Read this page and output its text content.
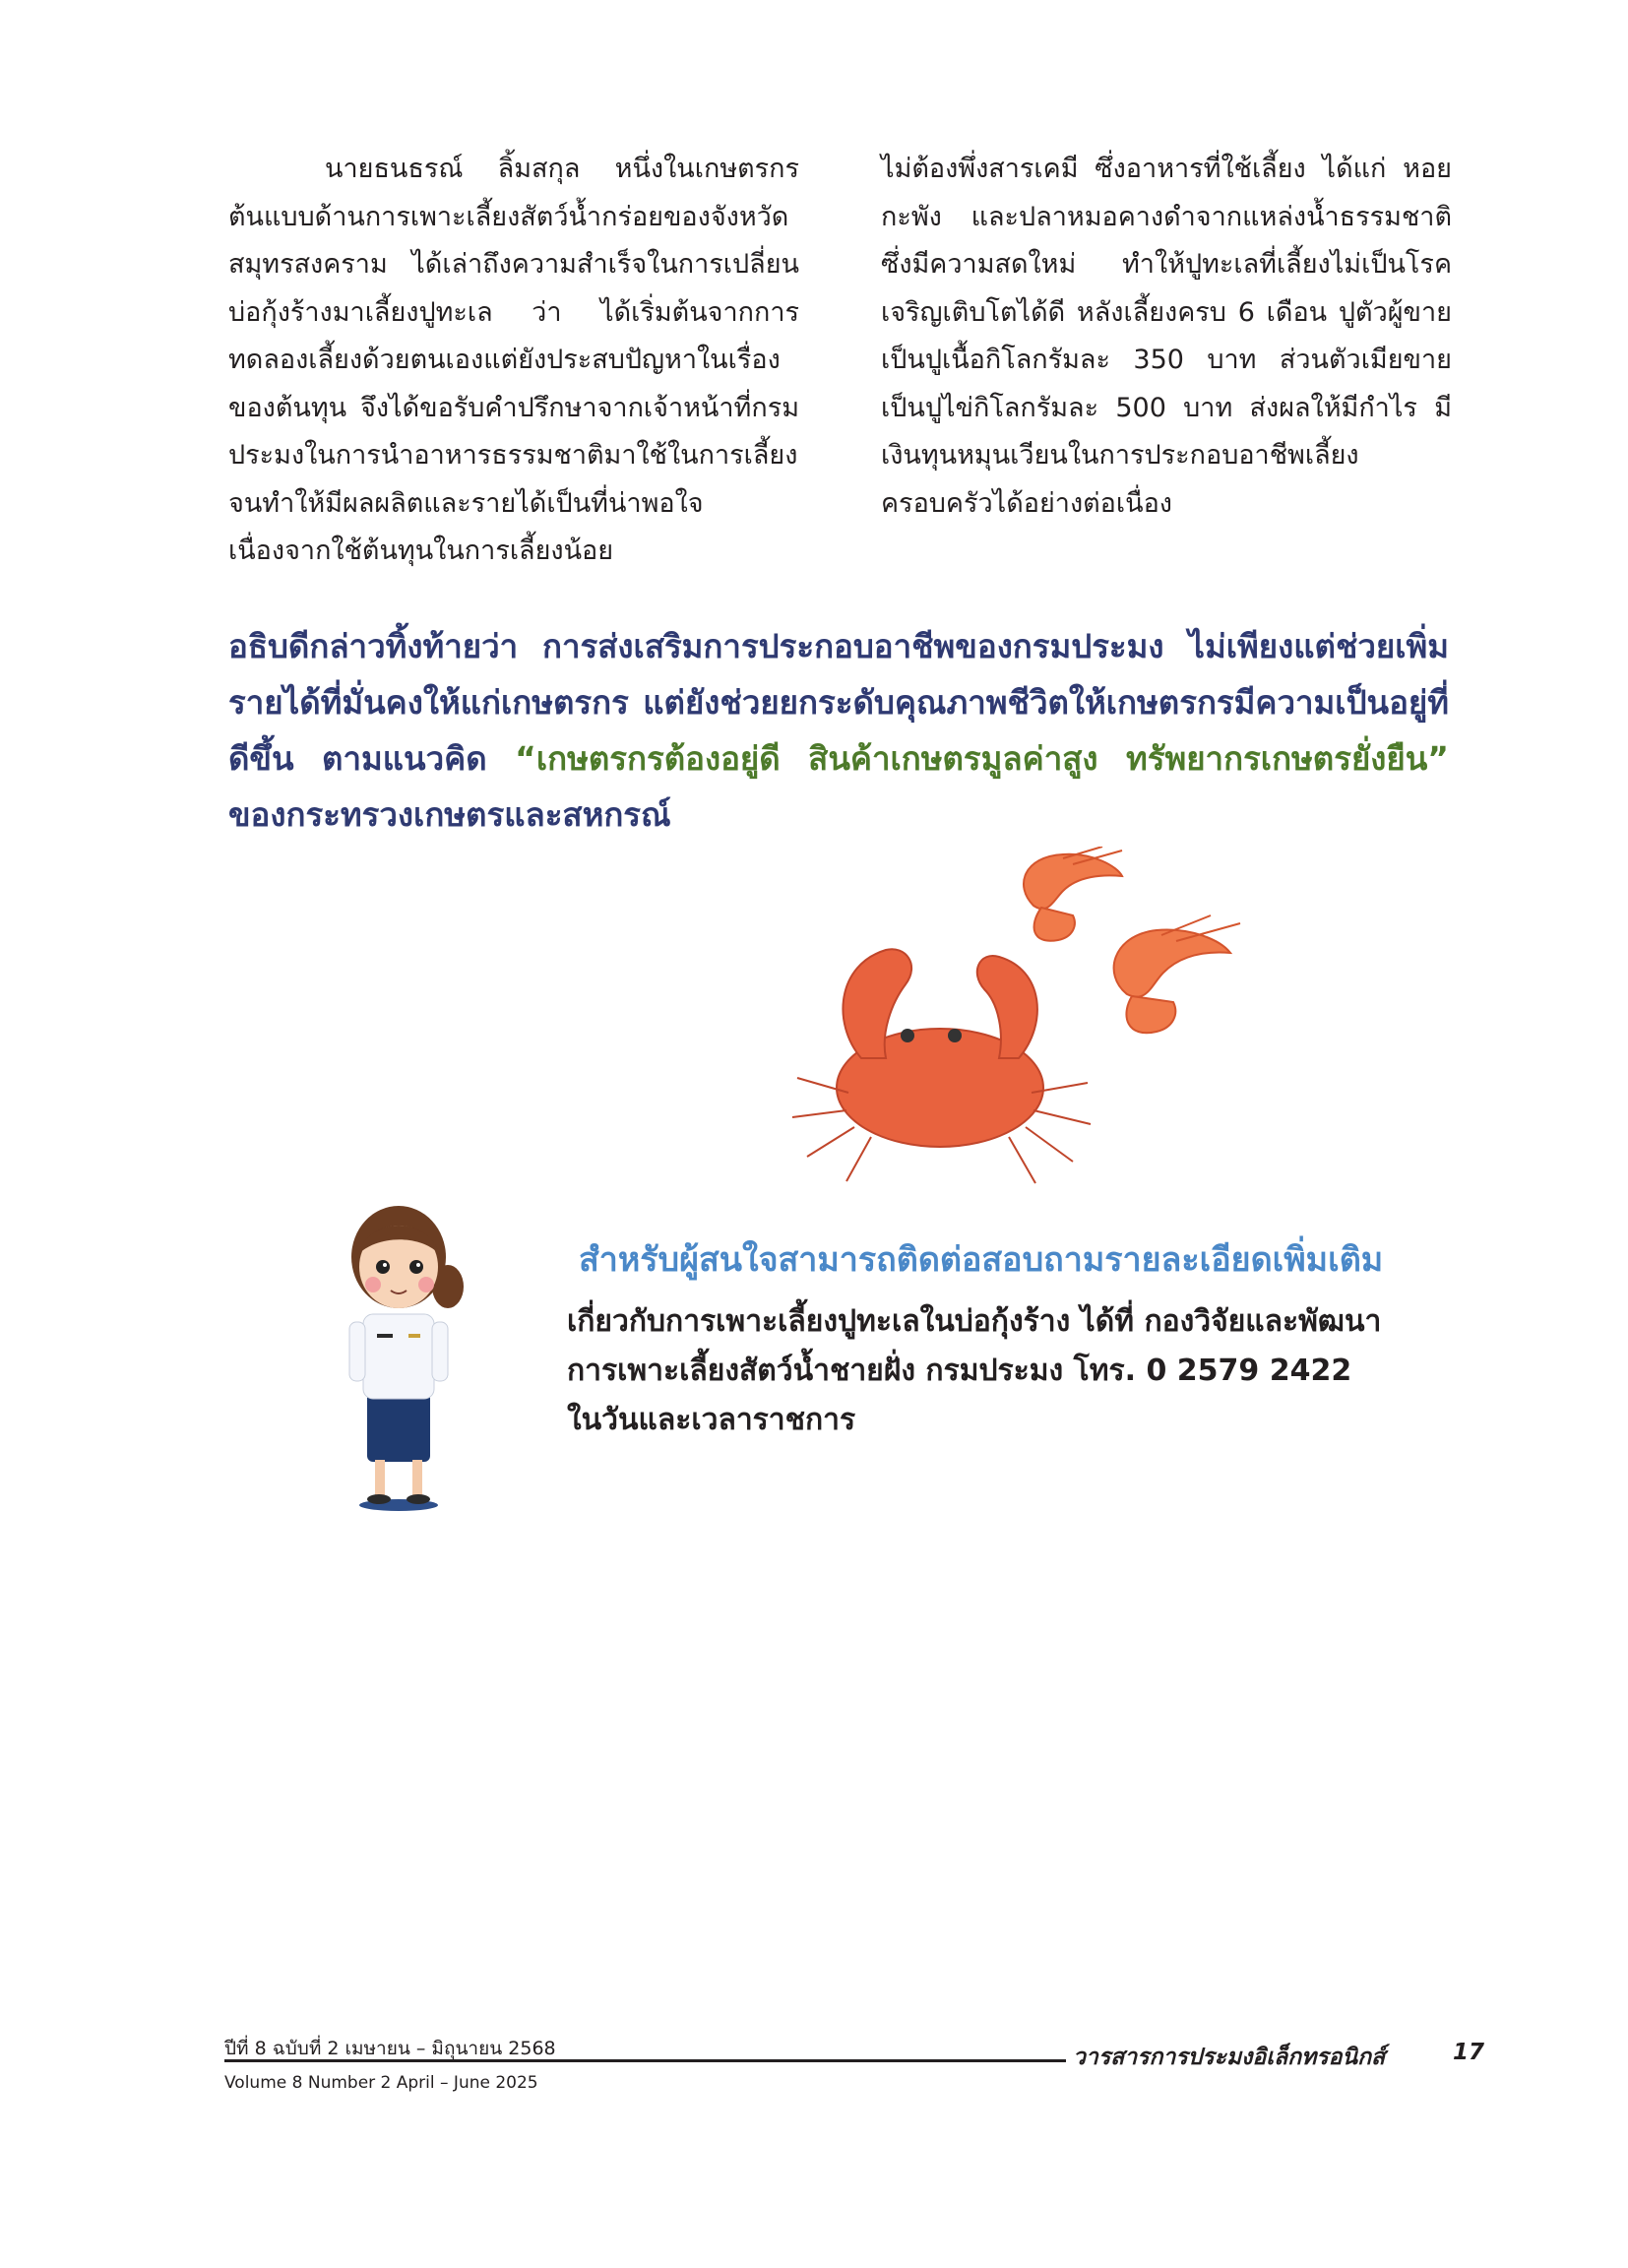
นายธนธรณ์ ลิ้มสกุล หนึ่งในเกษตรกรต้นแบบด้านการเพาะเลี้ยงสัตว์น้ำกร่อยของจังหวัดสมุทรสงคราม ได้เล่าถึงความสำเร็จในการเปลี่ยนบ่อกุ้งร้างมาเลี้ยงปูทะเล ว่า ได้เริ่มต้นจากการทดลองเลี้ยงด้วยตนเองแต่ยังประสบปัญหาในเรื่องของต้นทุน จึงได้ขอรับคำปรึกษาจากเจ้าหน้าที่กรมประมงในการนำอาหารธรรมชาติมาใช้ในการเลี้ยง จนทำให้มีผลผลิตและรายได้เป็นที่น่าพอใจ เนื่องจากใช้ต้นทุนในการเลี้ยงน้อย
ไม่ต้องพึ่งสารเคมี ซึ่งอาหารที่ใช้เลี้ยง ได้แก่ หอยกะพัง และปลาหมอคางดำจากแหล่งน้ำธรรมชาติซึ่งมีความสดใหม่ ทำให้ปูทะเลที่เลี้ยงไม่เป็นโรค เจริญเติบโตได้ดี หลังเลี้ยงครบ 6 เดือน ปูตัวผู้ขายเป็นปูเนื้อกิโลกรัมละ 350 บาท ส่วนตัวเมียขายเป็นปูไข่กิโลกรัมละ 500 บาท ส่งผลให้มีกำไร มีเงินทุนหมุนเวียนในการประกอบอาชีพเลี้ยงครอบครัวได้อย่างต่อเนื่อง
อธิบดีกล่าวทิ้งท้ายว่า การส่งเสริมการประกอบอาชีพของกรมประมง ไม่เพียงแต่ช่วยเพิ่มรายได้ที่มั่นคงให้แก่เกษตรกร แต่ยังช่วยยกระดับคุณภาพชีวิตให้เกษตรกรมีความเป็นอยู่ที่ดีขึ้น ตามแนวคิด “เกษตรกรต้องอยู่ดี สินค้าเกษตรมูลค่าสูง ทรัพยากรเกษตรยั่งยืน” ของกระทรวงเกษตรและสหกรณ์
สำหรับผู้สนใจสามารถติดต่อสอบถามรายละเอียดเพิ่มเติม
เกี่ยวกับการเพาะเลี้ยงปูทะเลในบ่อกุ้งร้าง ได้ที่ กองวิจัยและพัฒนา
การเพาะเลี้ยงสัตว์น้ำชายฝั่ง กรมประมง โทร. 0 2579 2422
ในวันและเวลาราชการ
ปีที่ 8 ฉบับที่ 2 เมษายน – มิถุนายน 2568
Volume 8 Number 2 April – June 2025
วารสารการประมงอิเล็กทรอนิกส์	17
